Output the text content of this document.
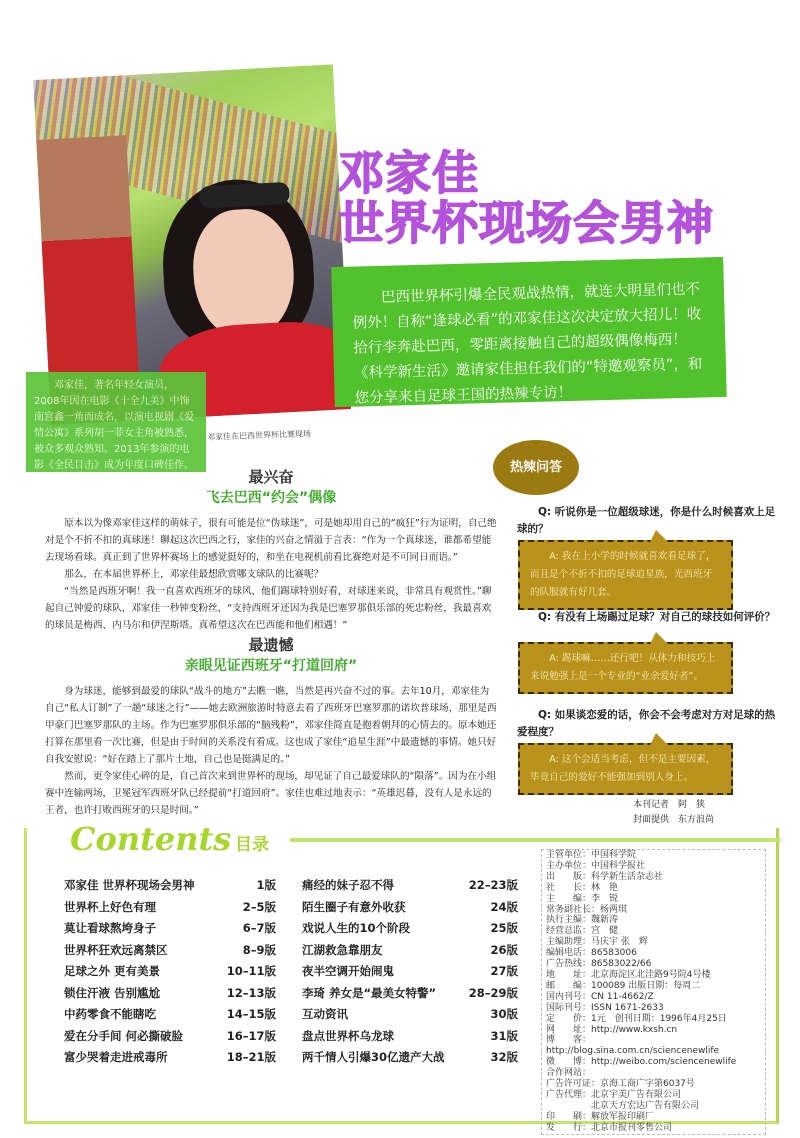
邓家佳
世界杯现场会男神
巴西世界杯引爆全民观战热情，就连大明星们也不例外！自称“逢球必看”的邓家佳这次决定放大招儿！收拾行李奔赴巴西，零距离接触自己的超级偶像梅西！《科学新生活》邀请家佳担任我们的“特邀观察员”，和您分享来自足球王国的热辣专访！
邓家佳，著名年轻女演员，2008年因在电影《十全九美》中饰南宫鑫一角而成名，以演电视剧《爱情公寓》系列胡一菲女主角被熟悉，被众多观众熟知。2013年参演的电影《全民目击》成为年度口碑佳作。
邓家佳在巴西世界杯比赛现场
最兴奋
飞去巴西“约会”偶像

原本以为像邓家佳这样的萌妹子，很有可能是位“伪球迷”，可是她却用自己的“疯狂”行为证明，自己绝对是个不折不扣的真球迷！聊起这次巴西之行，家佳的兴奋之情溢于言表：“作为一个真球迷，谁都希望能去现场看球。真正到了世界杯赛场上的感觉挺好的，和坐在电视机前看比赛绝对是不可同日而语。”

那么，在本届世界杯上，邓家佳最想欣赏哪支球队的比赛呢？

“当然是西班牙啊！我一直喜欢西班牙的球风，他们踢球特别好看，对球迷来说，非常具有观赏性。”聊起自己钟爱的球队，邓家佳一秒钟变粉丝，“支持西班牙还因为我是巴塞罗那俱乐部的死忠粉丝，我最喜欢的球员是梅西、内马尔和伊涅斯塔。真希望这次在巴西能和他们相遇！”

最遗憾
亲眼见证西班牙“打道回府”

身为球迷，能够到最爱的球队“战斗的地方”去瞧一瞧，当然是再兴奋不过的事。去年10月，邓家佳为自己“私人订制”了一趟“球迷之行”——她去欧洲旅游时特意去看了西班牙巴塞罗那的诺坎普球场，那里是西甲豪门巴塞罗那队的主场。作为巴塞罗那俱乐部的“脑残粉”，邓家佳简直是抱着朝拜的心情去的。原本她还打算在那里看一次比赛，但是由于时间的关系没有看成。这也成了家佳“追星生涯”中最遗憾的事情。她只好自我安慰说：“好在踏上了那片土地，自己也是挺满足的。”

然而，更令家佳心碎的是，自己首次来到世界杯的现场，却见证了自己最爱球队的“隕落”。因为在小组赛中连输两场，卫冕冠军西班牙队已经提前“打道回府”。家佳也难过地表示：“英雄迟暮，没有人是永远的王者，也许打败西班牙的只是时间。”

热辣问答
Q: 听说你是一位超级球迷，你是什么时候喜欢上足球的？
A: 我在上小学的时候就喜欢看足球了，而且是个不折不扣的足球追星族，光西班牙的队服就有好几套。
Q: 有没有上场踢过足球？对自己的球技如何评价？
A: 踢球嘛……还行吧！从体力和技巧上来说勉强上是一个专业的“业余爱好者”。
Q: 如果谈恋爱的话，你会不会考虑对方对足球的热爱程度？
A: 这个会适当考虑，但不是主要因素，毕竟自己的爱好不能强加到别人身上。
本刊记者　 阿　狭
封面提供　 东方浪尚
Contents 目录
邓家佳 世界杯现场会男神	1版
世界杯上好色有理	2–5版
莫让看球熬垮身子	6–7版
世界杯狂欢远离禁区	8–9版
足球之外 更有美景	10–11版
锁住汗液 告别尴尬	12–13版
中药零食不能瞎吃	14–15版
爱在分手间 何必撕破脸	16–17版
富少哭着走进戒毒所	18–21版
痛经的妹子忍不得	22–23版
陌生圈子有意外收获	24版
戏说人生的10个阶段	25版
江湖救急靠朋友	26版
夜半空调开始闹鬼	27版
李琦 养女是“最美女特警”	28–29版
互动资讯	30版
盘点世界杯乌龙球	31版
两千情人引爆30亿遗产大战	32版
主管单位：中国科学院
主办单位：中国科学报社
出　　版：科学新生活杂志社
社　　长：林　艳
主　　编：李　锐
常务副社长：杨两琪
执行主编：魏新涛
经营总监：宫　健
主编助理：马庆宇 张　辉
编辑电话：86583006
广告热线：86583022/66
地　　址：北京海淀区北洼路9号院4号楼
邮　　编：100089 出版日期：每周二
国内刊号：CN 11-4662/Z
国际刊号：ISSN 1671-2633
定　　价：1元　创刊日期：1996年4月25日
网　　址：http://www.kxsh.cn
博　　客：http://blog.sina.com.cn/sciencenewlife
微　　博：http://weibo.com/sciencenewlife
合作网站：
广告许可证：京海工商广字第6037号
广告代理：北京宇美广告有限公司
　　　　　北京天方宏达广告有限公司
印　　刷：解放军报印刷厂
发　　行：北京市报刊零售公司
